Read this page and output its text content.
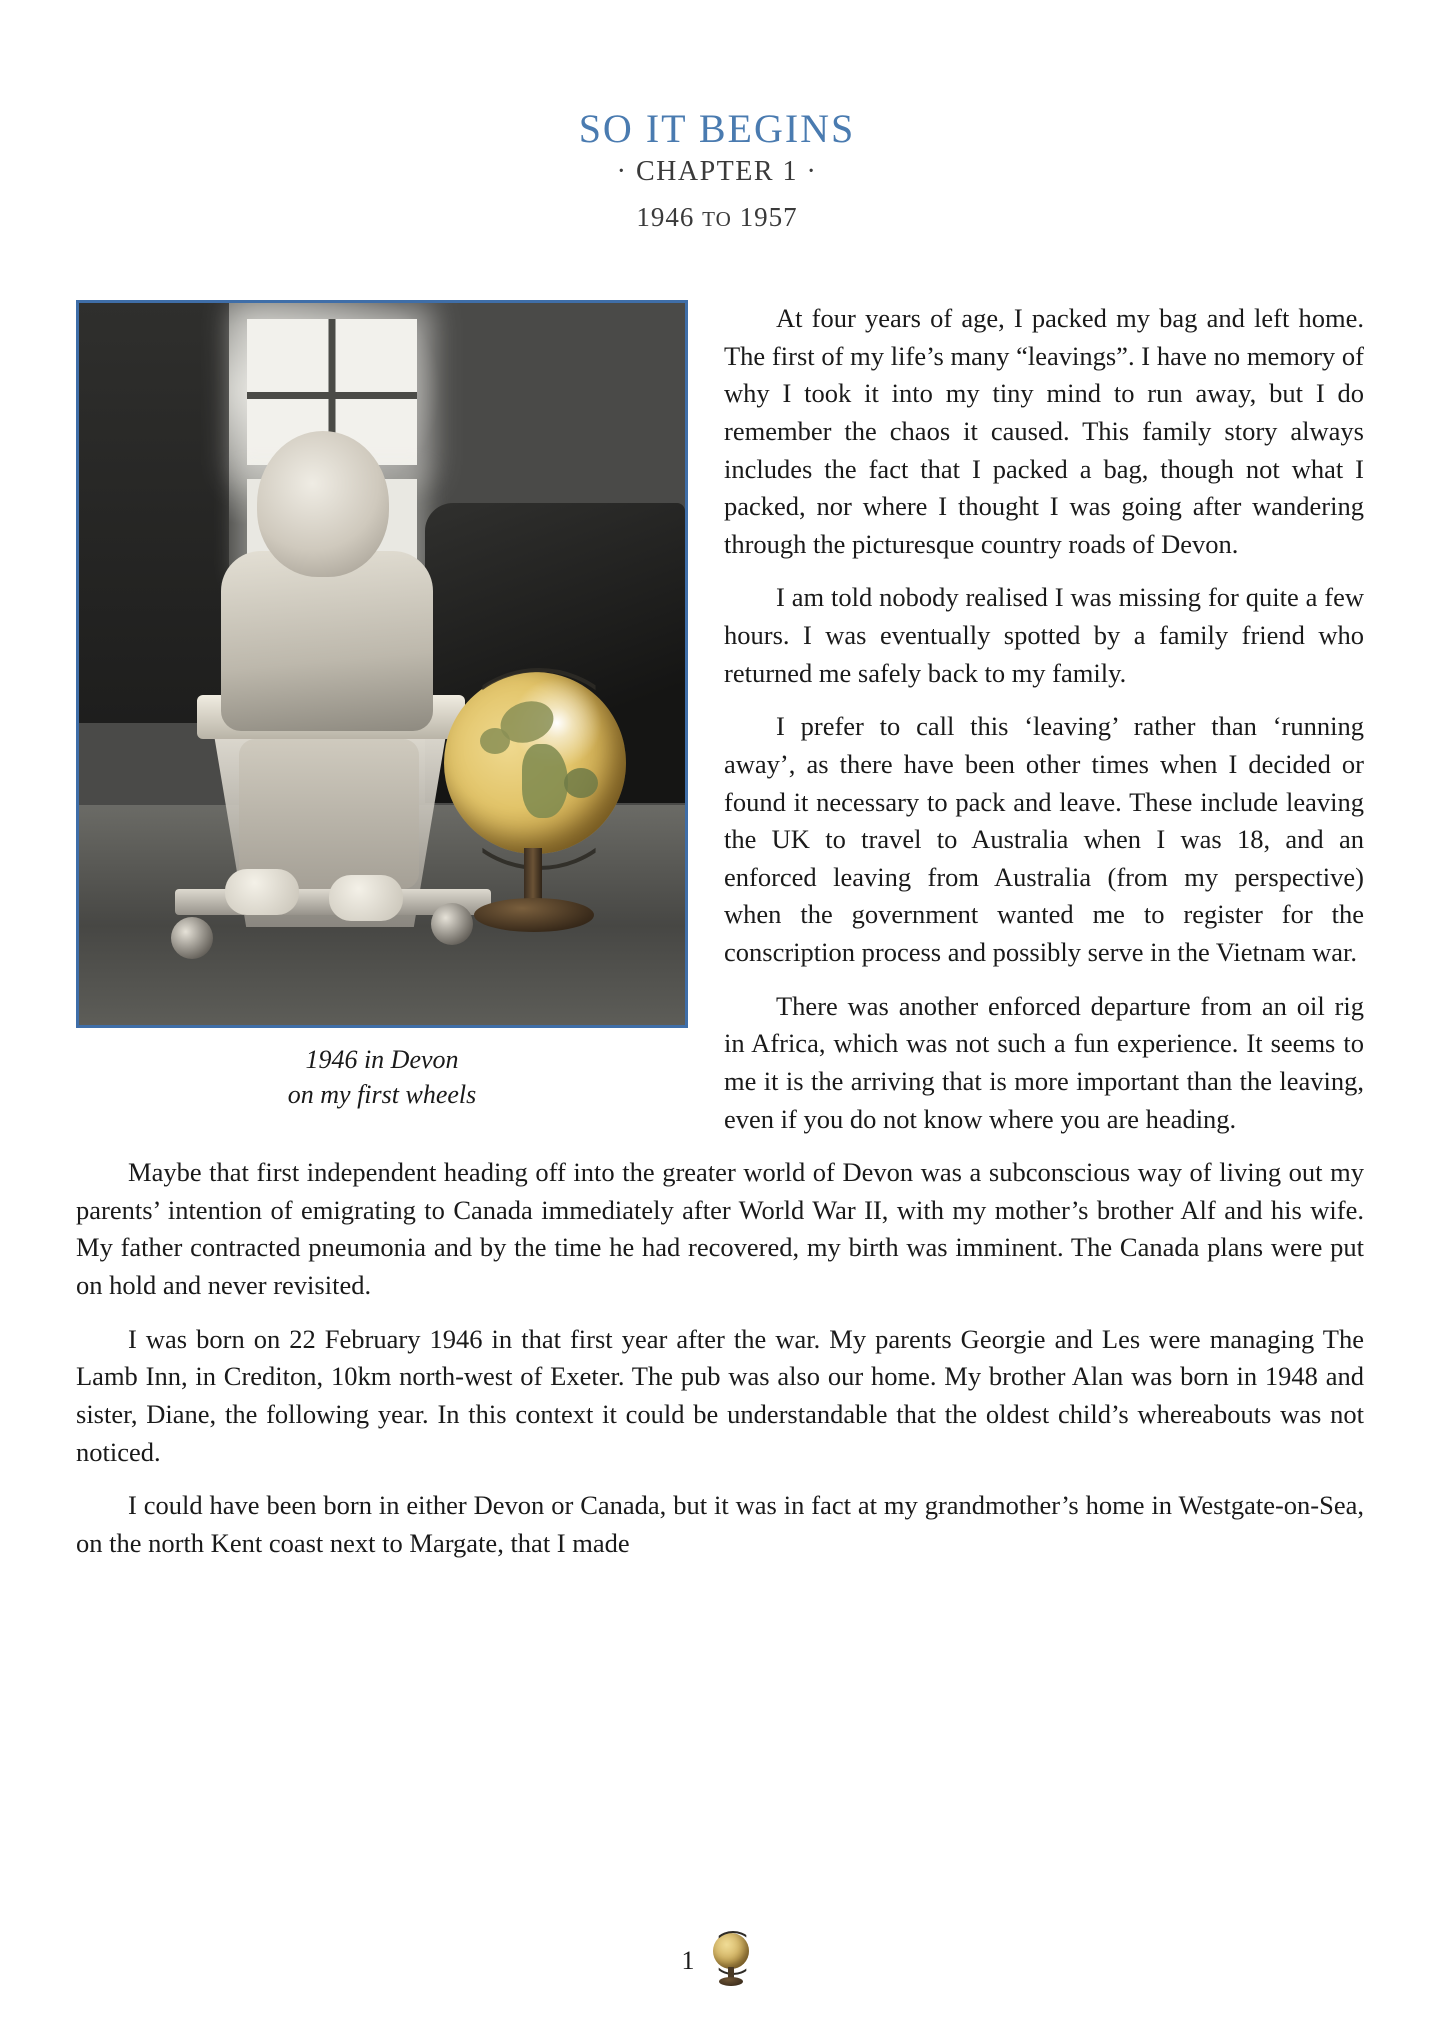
SO IT BEGINS
· CHAPTER 1 ·
1946 TO 1957
1946 in Devon
on my first wheels

At four years of age, I packed my bag and left home. The first of my life’s many “leavings”. I have no memory of why I took it into my tiny mind to run away, but I do remember the chaos it caused. This family story always includes the fact that I packed a bag, though not what I packed, nor where I thought I was going after wandering through the picturesque country roads of Devon.

I am told nobody realised I was missing for quite a few hours. I was eventually spotted by a family friend who returned me safely back to my family.

I prefer to call this ‘leaving’ rather than ‘running away’, as there have been other times when I decided or found it necessary to pack and leave. These include leaving the UK to travel to Australia when I was 18, and an enforced leaving from Australia (from my perspective) when the government wanted me to register for the conscription process and possibly serve in the Vietnam war.

There was another enforced departure from an oil rig in Africa, which was not such a fun experience. It seems to me it is the arriving that is more important than the leaving, even if you do not know where you are heading.

Maybe that first independent heading off into the greater world of Devon was a subconscious way of living out my parents’ intention of emigrating to Canada immediately after World War II, with my mother’s brother Alf and his wife. My father contracted pneumonia and by the time he had recovered, my birth was imminent. The Canada plans were put on hold and never revisited.

I was born on 22 February 1946 in that first year after the war. My parents Georgie and Les were managing The Lamb Inn, in Crediton, 10km north-west of Exeter. The pub was also our home. My brother Alan was born in 1948 and sister, Diane, the following year. In this context it could be understandable that the oldest child’s whereabouts was not noticed.

I could have been born in either Devon or Canada, but it was in fact at my grandmother’s home in Westgate-on-Sea, on the north Kent coast next to Margate, that I made

1
